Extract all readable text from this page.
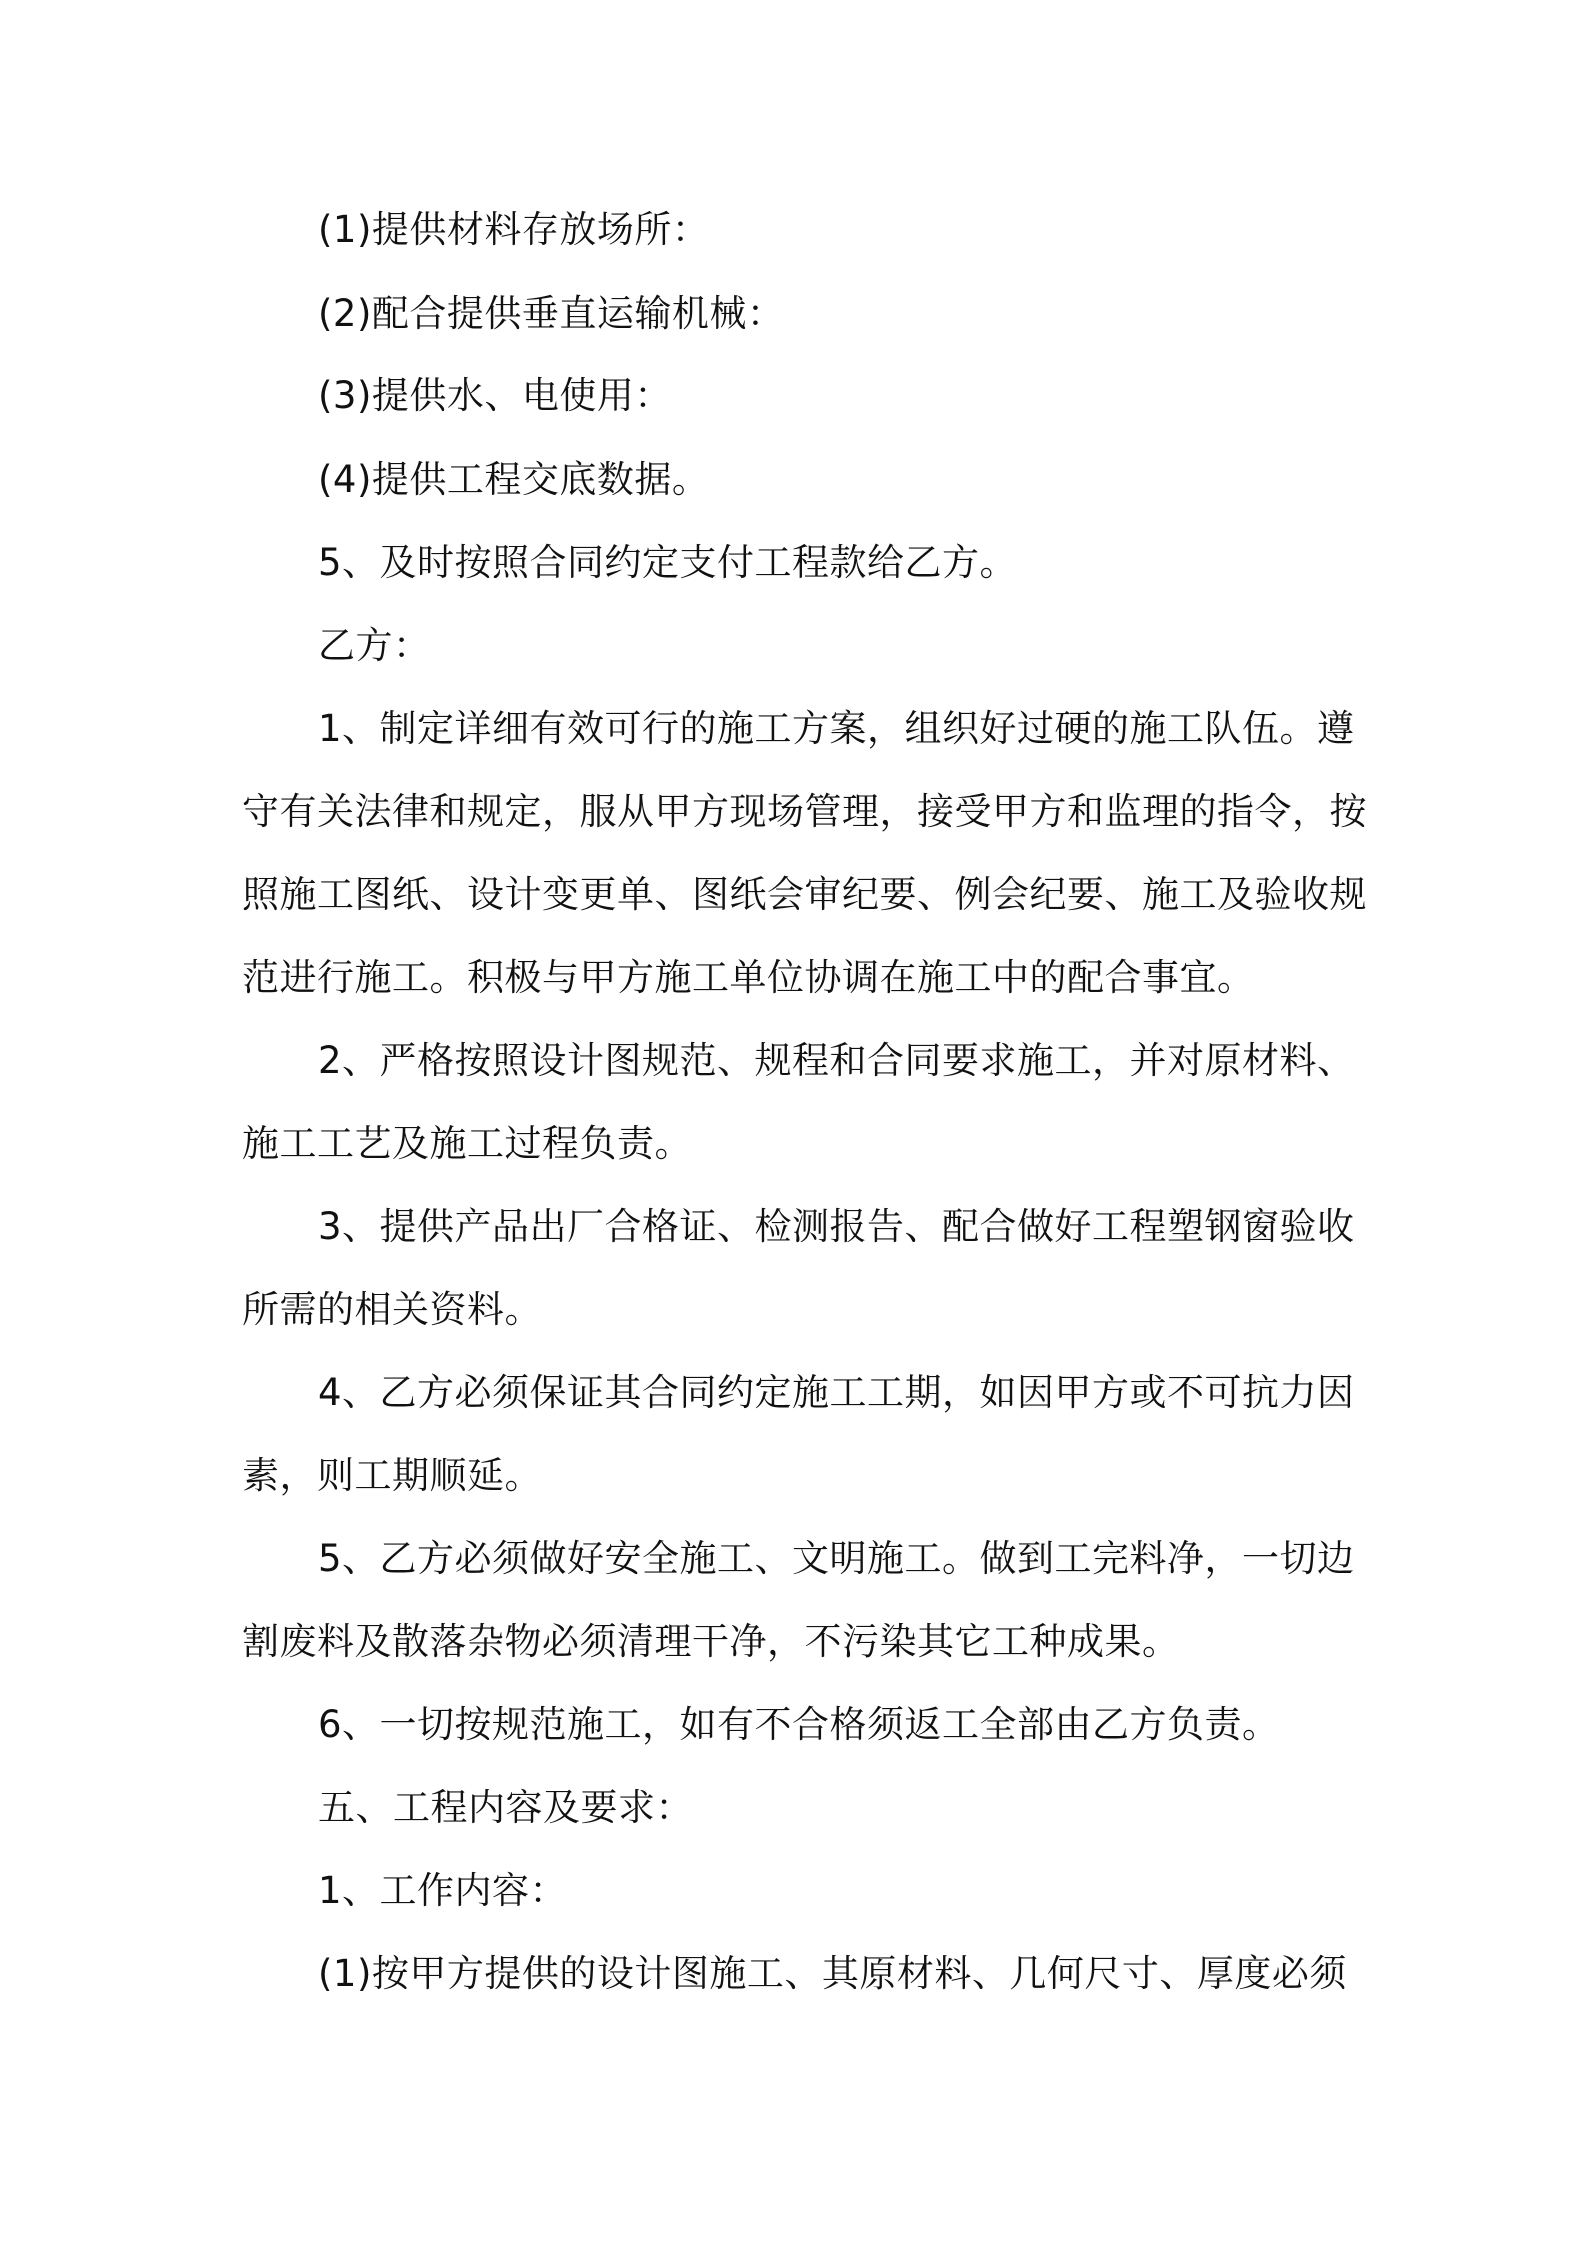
(1)提供材料存放场所：
(2)配合提供垂直运输机械：
(3)提供水、电使用：
(4)提供工程交底数据。
5、及时按照合同约定支付工程款给乙方。
乙方：
1、制定详细有效可行的施工方案，组织好过硬的施工队伍。遵
守有关法律和规定，服从甲方现场管理，接受甲方和监理的指令，按
照施工图纸、设计变更单、图纸会审纪要、例会纪要、施工及验收规
范进行施工。积极与甲方施工单位协调在施工中的配合事宜。
2、严格按照设计图规范、规程和合同要求施工，并对原材料、
施工工艺及施工过程负责。
3、提供产品出厂合格证、检测报告、配合做好工程塑钢窗验收
所需的相关资料。
4、乙方必须保证其合同约定施工工期，如因甲方或不可抗力因
素，则工期顺延。
5、乙方必须做好安全施工、文明施工。做到工完料净，一切边
割废料及散落杂物必须清理干净，不污染其它工种成果。
6、一切按规范施工，如有不合格须返工全部由乙方负责。
五、工程内容及要求：
1、工作内容：
(1)按甲方提供的设计图施工、其原材料、几何尺寸、厚度必须
